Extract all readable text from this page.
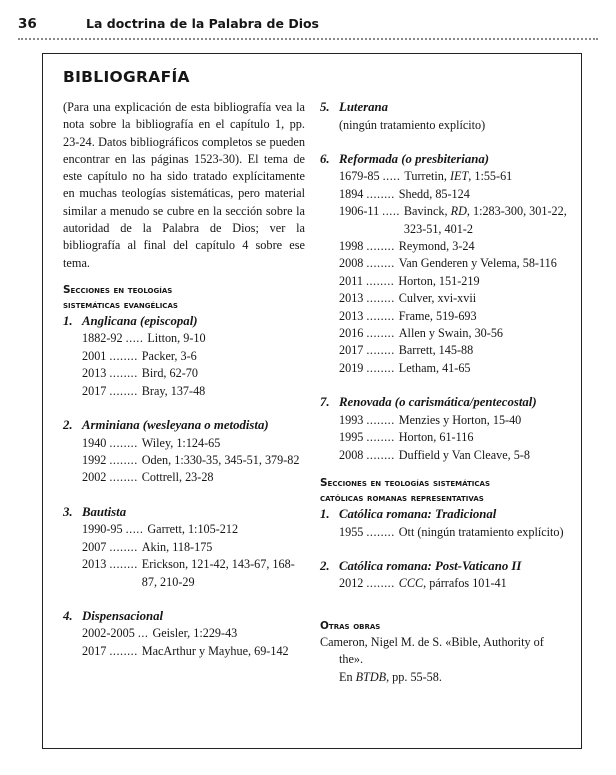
36	La doctrina de la Palabra de Dios
BIBLIOGRAFÍA

(Para una explicación de esta bibliografía vea la nota sobre la bibliografía en el capítulo 1, pp. 23-24. Datos bibliográficos completos se pueden encontrar en las páginas 1523-30). El tema de este capítulo no ha sido tratado explícitamente en muchas teologías sistemáticas, pero material similar a menudo se cubre en la sección sobre la autoridad de la Palabra de Dios; ver la bibliografía al final del capítulo 4 sobre ese tema.

Secciones en teologías
sistemáticas evangélicas
1. Anglicana (episcopal)
1882-92 ..... Litton, 9-10
2001 ........ Packer, 3-6
2013 ........ Bird, 62-70
2017 ........ Bray, 137-48
2. Arminiana (wesleyana o metodista)
1940 ........ Wiley, 1:124-65
1992 ........ Oden, 1:330-35, 345-51, 379-82
2002 ........ Cottrell, 23-28
3. Bautista
1990-95 ..... Garrett, 1:105-212
2007 ........ Akin, 118-175
2013 ........ Erickson, 121-42, 143-67, 168-87, 210-29
4. Dispensacional
2002-2005 ... Geisler, 1:229-43
2017 ........ MacArthur y Mayhue, 69-142
5. Luterana
(ningún tratamiento explícito)
6. Reformada (o presbiteriana)
1679-85 ..... Turretin, IET, 1:55-61
1894 ........ Shedd, 85-124
1906-11 ..... Bavinck, RD, 1:283-300, 301-22, 323-51, 401-2
1998 ........ Reymond, 3-24
2008 ........ Van Genderen y Velema, 58-116
2011 ........ Horton, 151-219
2013 ........ Culver, xvi-xvii
2013 ........ Frame, 519-693
2016 ........ Allen y Swain, 30-56
2017 ........ Barrett, 145-88
2019 ........ Letham, 41-65
7. Renovada (o carismática/pentecostal)
1993 ........ Menzies y Horton, 15-40
1995 ........ Horton, 61-116
2008 ........ Duffield y Van Cleave, 5-8
Secciones en teologías sistemáticas
católicas romanas representativas
1. Católica romana: Tradicional
1955 ........ Ott (ningún tratamiento explícito)
2. Católica romana: Post-Vaticano II
2012 ........ CCC, párrafos 101-41
Otras obras
Cameron, Nigel M. de S. «Bible, Authority of the».
En BTDB, pp. 55-58.
